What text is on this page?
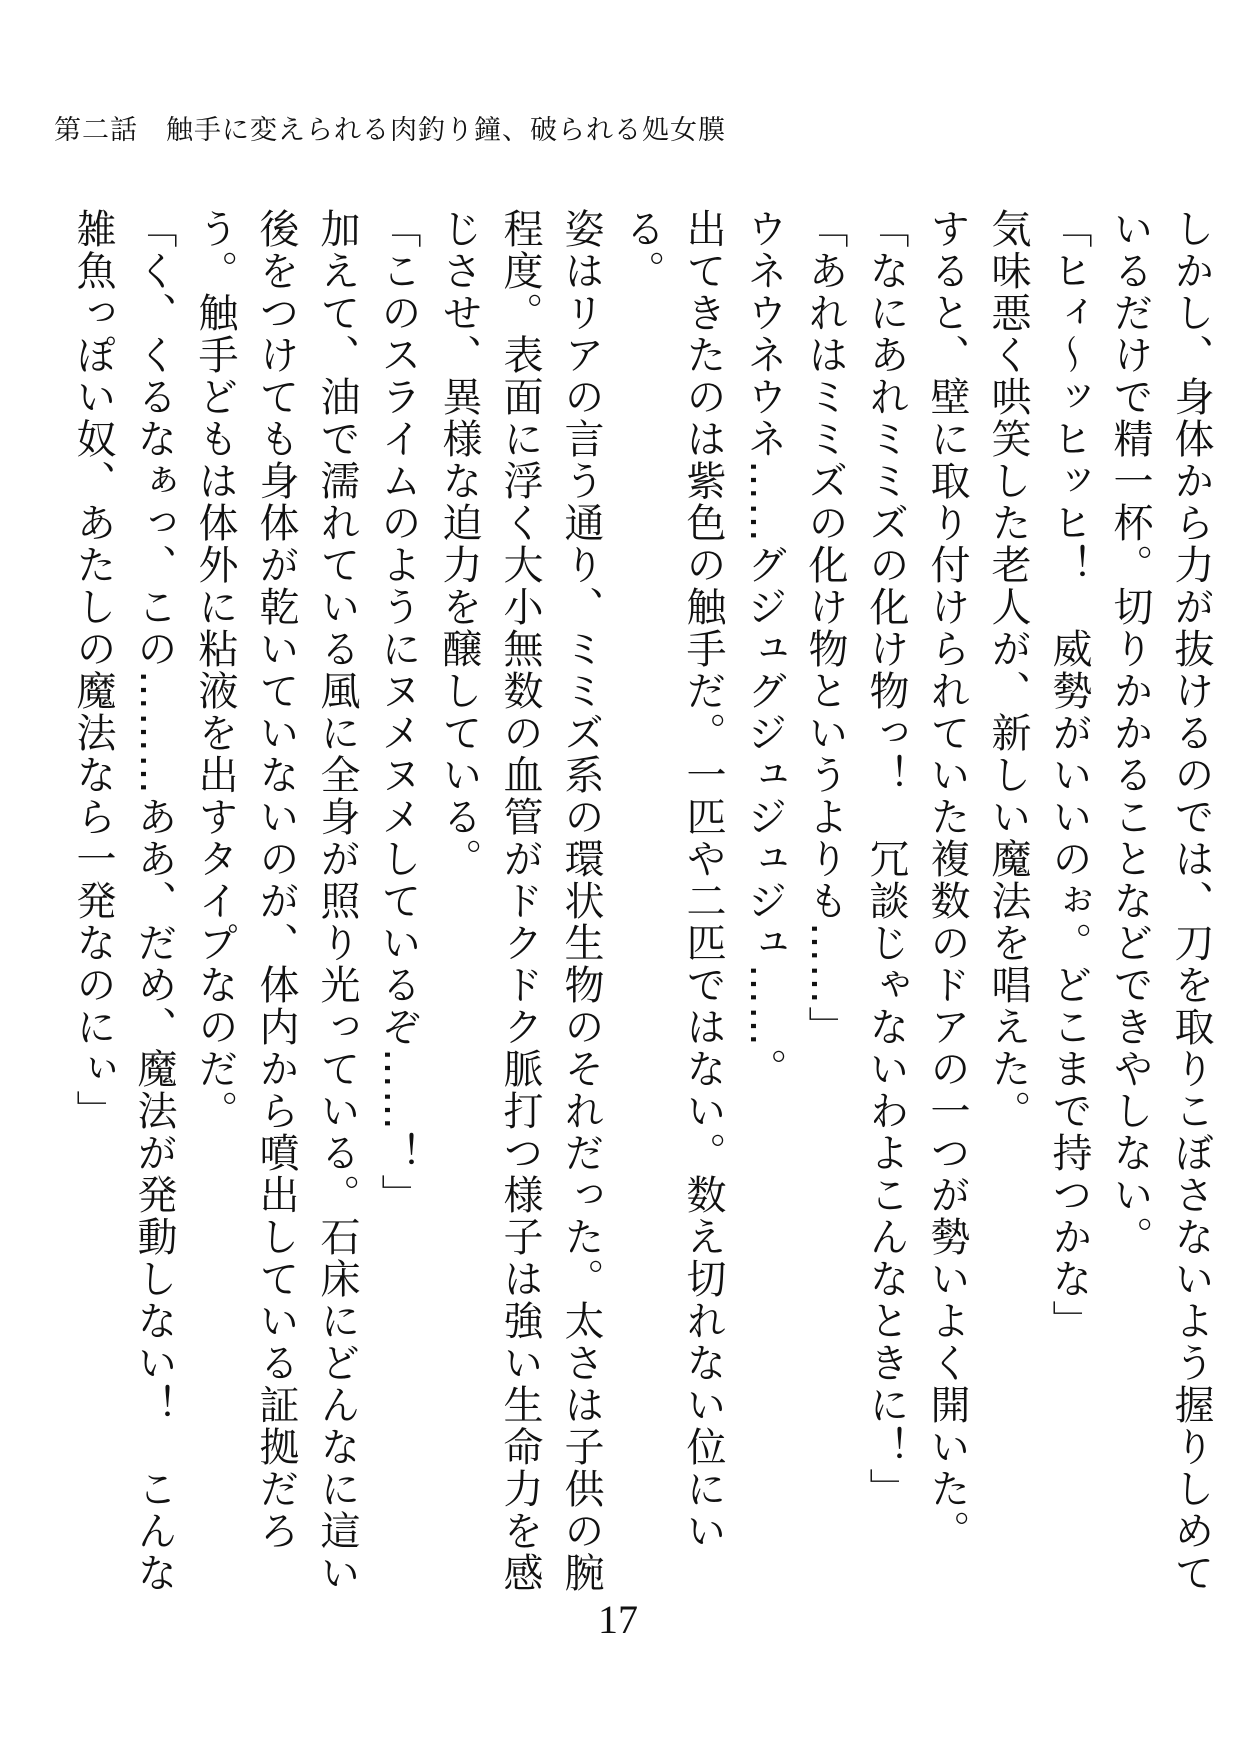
第二話　触手に変えられる肉釣り鐘、破られる処女膜

しかし、身体から力が抜けるのでは、刀を取りこぼさないよう握りしめているだけで精一杯。切りかかることなどできやしない。

「ヒィ〜ッヒッヒ！　威勢がいいのぉ。どこまで持つかな」

気味悪く哄笑した老人が、新しい魔法を唱えた。

すると、壁に取り付けられていた複数のドアの一つが勢いよく開いた。

「なにあれミミズの化け物っ！　冗談じゃないわよこんなときに！」

「あれはミミズの化け物というよりも……」

ウネウネウネ……グジュグジュジュジュ……。

出てきたのは紫色の触手だ。一匹や二匹ではない。数え切れない位にいる。

姿はリアの言う通り、ミミズ系の環状生物のそれだった。太さは子供の腕程度。表面に浮く大小無数の血管がドクドク脈打つ様子は強い生命力を感じさせ、異様な迫力を醸している。

「このスライムのようにヌメヌメしているぞ……！」

加えて、油で濡れている風に全身が照り光っている。石床にどんなに這い後をつけても身体が乾いていないのが、体内から噴出している証拠だろう。触手どもは体外に粘液を出すタイプなのだ。

「く、くるなぁっ、この………ああ、だめ、魔法が発動しない！　こんな雑魚っぽい奴、あたしの魔法なら一発なのにぃ」

17
